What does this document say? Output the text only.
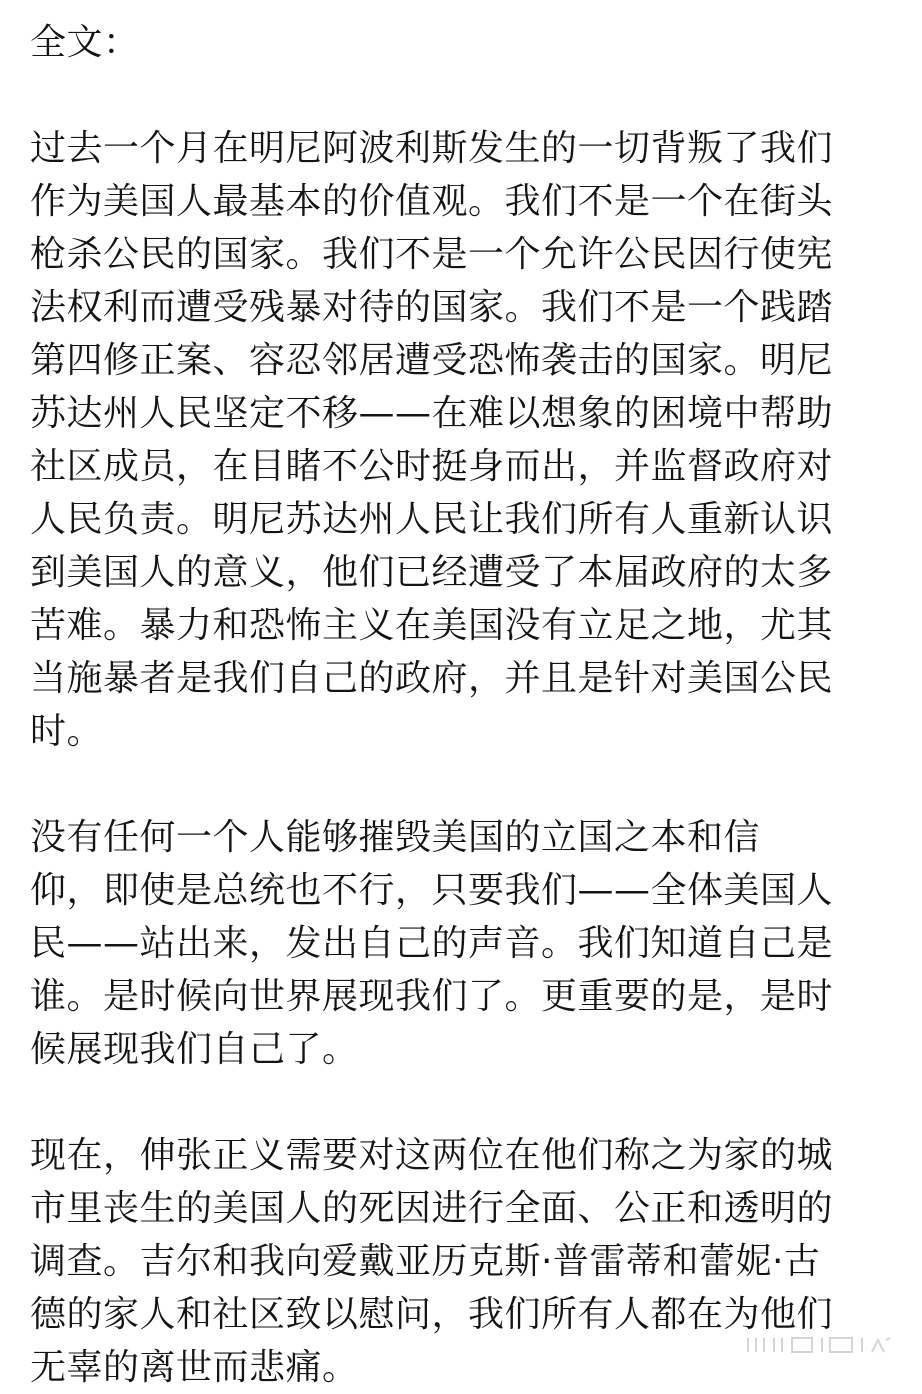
全文：
过去一个月在明尼阿波利斯发生的一切背叛了我们
作为美国人最基本的价值观。我们不是一个在街头
枪杀公民的国家。我们不是一个允许公民因行使宪
法权利而遭受残暴对待的国家。我们不是一个践踏
第四修正案、容忍邻居遭受恐怖袭击的国家。明尼
苏达州人民坚定不移——在难以想象的困境中帮助
社区成员，在目睹不公时挺身而出，并监督政府对
人民负责。明尼苏达州人民让我们所有人重新认识
到美国人的意义，他们已经遭受了本届政府的太多
苦难。暴力和恐怖主义在美国没有立足之地，尤其
当施暴者是我们自己的政府，并且是针对美国公民
时。
没有任何一个人能够摧毁美国的立国之本和信
仰，即使是总统也不行，只要我们——全体美国人
民——站出来，发出自己的声音。我们知道自己是
谁。是时候向世界展现我们了。更重要的是，是时
候展现我们自己了。
现在，伸张正义需要对这两位在他们称之为家的城
市里丧生的美国人的死因进行全面、公正和透明的
调查。吉尔和我向爱戴亚历克斯·普雷蒂和蕾妮·古
德的家人和社区致以慰问，我们所有人都在为他们
无辜的离世而悲痛。
